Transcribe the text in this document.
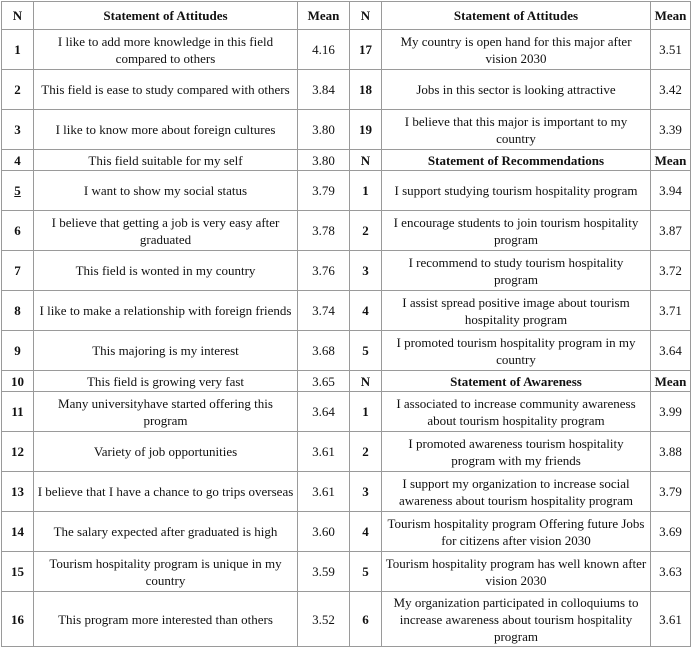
N	Statement of Attitudes	Mean	N	Statement of Attitudes	Mean
1	I like to add more knowledge in this field compared to others	4.16	17	My country is open hand for this major after vision 2030	3.51
2	This field is ease to study compared with others	3.84	18	Jobs in this sector is looking attractive	3.42
3	I like to know more about foreign cultures	3.80	19	I believe that this major is important to my country	3.39
4	This field suitable for my self	3.80	N	Statement of Recommendations	Mean
5	I want to show my social status	3.79	1	I support studying tourism hospitality program	3.94
6	I believe that getting a job is very easy after graduated	3.78	2	I encourage students to join tourism hospitality program	3.87
7	This field is wonted in my country	3.76	3	I recommend to study tourism hospitality program	3.72
8	I like to make a relationship with foreign friends	3.74	4	I assist spread positive image about tourism hospitality program	3.71
9	This majoring is my interest	3.68	5	I promoted tourism hospitality program in my country	3.64
10	This field is growing very fast	3.65	N	Statement of Awareness	Mean
11	Many universityhave started offering this program	3.64	1	I associated to increase community awareness about tourism hospitality program	3.99
12	Variety of job opportunities	3.61	2	I promoted awareness tourism hospitality program with my friends	3.88
13	I believe that I have a chance to go trips overseas	3.61	3	I support my organization to increase social awareness about tourism hospitality program	3.79
14	The salary expected after graduated is high	3.60	4	Tourism hospitality program Offering future Jobs for citizens after vision 2030	3.69
15	Tourism hospitality program is unique in my country	3.59	5	Tourism hospitality program has well known after vision 2030	3.63
16	This program more interested than others	3.52	6	My organization participated in colloquiums to increase awareness about tourism hospitality program	3.61
